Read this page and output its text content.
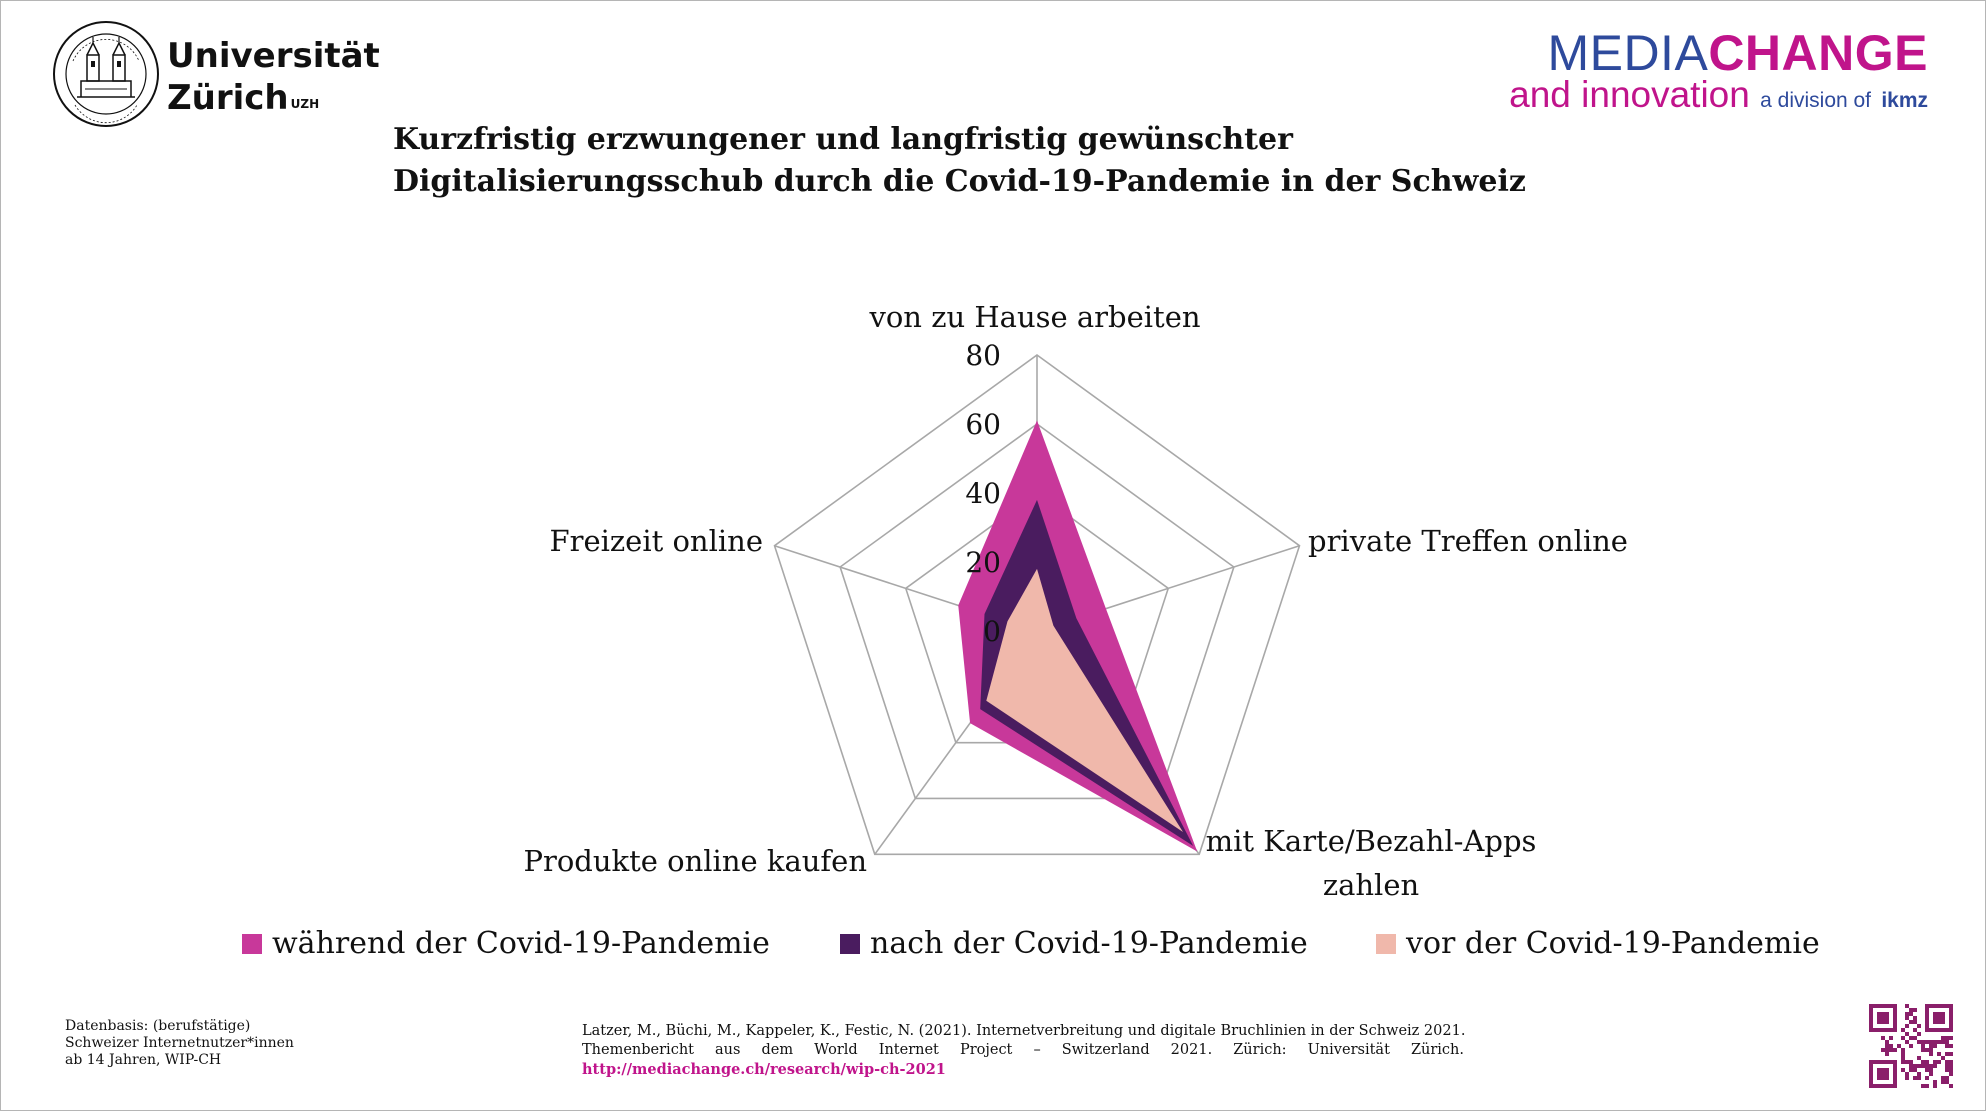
Universität
Zürich $^{UZH}$
MEDIACHANGE
and innovation a division of ikmz
Kurzfristig erzwungener und langfristig gewünschter
Digitalisierungsschub durch die Covid-19-Pandemie in der Schweiz
0
20
40
60
80
von zu Hause arbeiten
private Treffen online
mit Karte/Bezahl-Apps
zahlen
Produkte online kaufen
Freizeit online
während der Covid-19-Pandemie	nach der Covid-19-Pandemie	vor der Covid-19-Pandemie
Datenbasis: (berufstätige)
Schweizer Internetnutzer*innen
ab 14 Jahren, WIP-CH
Latzer, M., Büchi, M., Kappeler, K., Festic, N. (2021). Internetverbreitung und digitale Bruchlinien in der Schweiz 2021.
Themenbericht aus dem World Internet Project – Switzerland 2021. Zürich: Universität Zürich.
http://mediachange.ch/research/wip-ch-2021
